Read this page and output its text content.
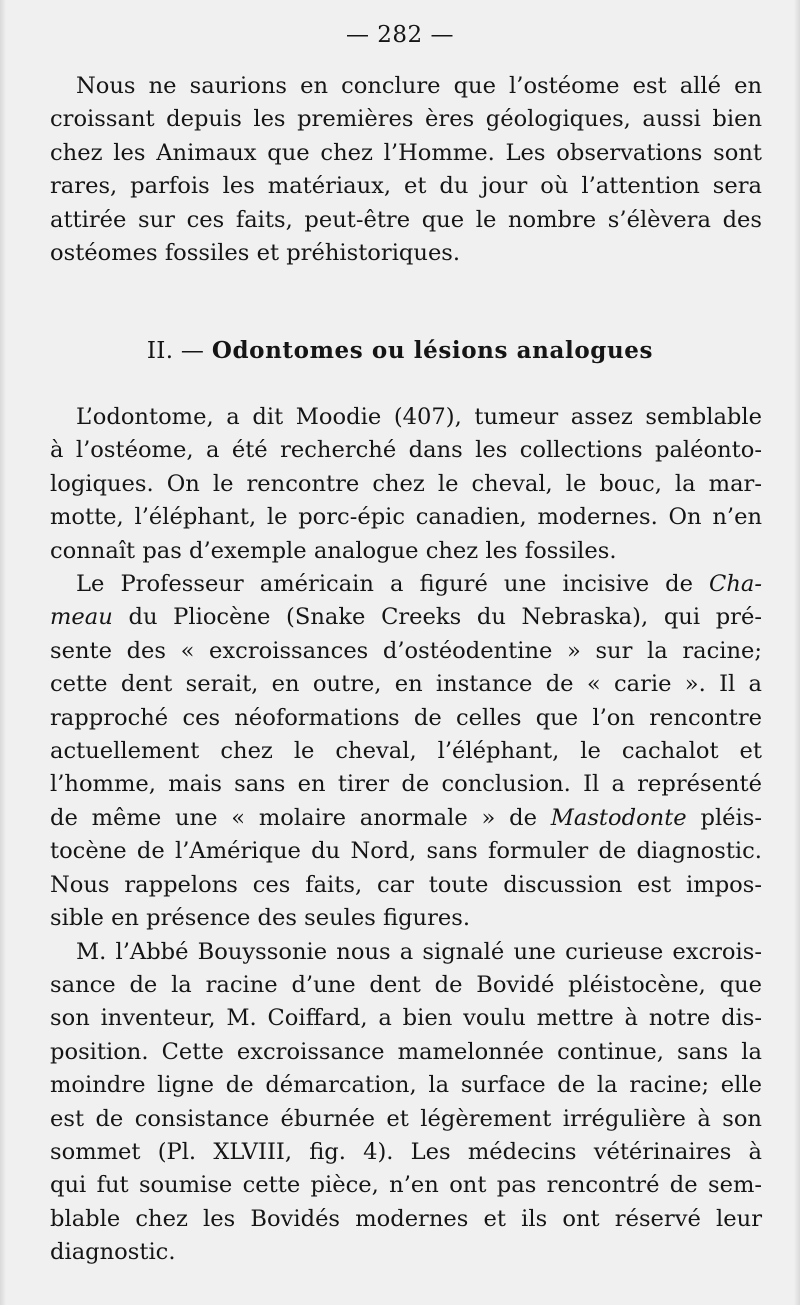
— 282 —

Nous ne saurions en conclure que l’ostéome est allé en

croissant depuis les premières ères géologiques, aussi bien

chez les Animaux que chez l’Homme. Les observations sont

rares, parfois les matériaux, et du jour où l’attention sera

attirée sur ces faits, peut-être que le nombre s’élèvera des

ostéomes fossiles et préhistoriques.

II. — Odontomes ou lésions analogues

L’odontome, a dit Moodie (407), tumeur assez semblable

à l’ostéome, a été recherché dans les collections paléonto-

logiques. On le rencontre chez le cheval, le bouc, la mar-

motte, l’éléphant, le porc-épic canadien, modernes. On n’en

connaît pas d’exemple analogue chez les fossiles.

Le Professeur américain a figuré une incisive de Cha-

meau du Pliocène (Snake Creeks du Nebraska), qui pré-

sente des « excroissances d’ostéodentine » sur la racine;

cette dent serait, en outre, en instance de « carie ». Il a

rapproché ces néoformations de celles que l’on rencontre

actuellement chez le cheval, l’éléphant, le cachalot et

l’homme, mais sans en tirer de conclusion. Il a représenté

de même une « molaire anormale » de Mastodonte pléis-

tocène de l’Amérique du Nord, sans formuler de diagnostic.

Nous rappelons ces faits, car toute discussion est impos-

sible en présence des seules figures.

M. l’Abbé Bouyssonie nous a signalé une curieuse excrois-

sance de la racine d’une dent de Bovidé pléistocène, que

son inventeur, M. Coiffard, a bien voulu mettre à notre dis-

position. Cette excroissance mamelonnée continue, sans la

moindre ligne de démarcation, la surface de la racine; elle

est de consistance éburnée et légèrement irrégulière à son

sommet (Pl. XLVIII, fig. 4). Les médecins vétérinaires à

qui fut soumise cette pièce, n’en ont pas rencontré de sem-

blable chez les Bovidés modernes et ils ont réservé leur

diagnostic.
